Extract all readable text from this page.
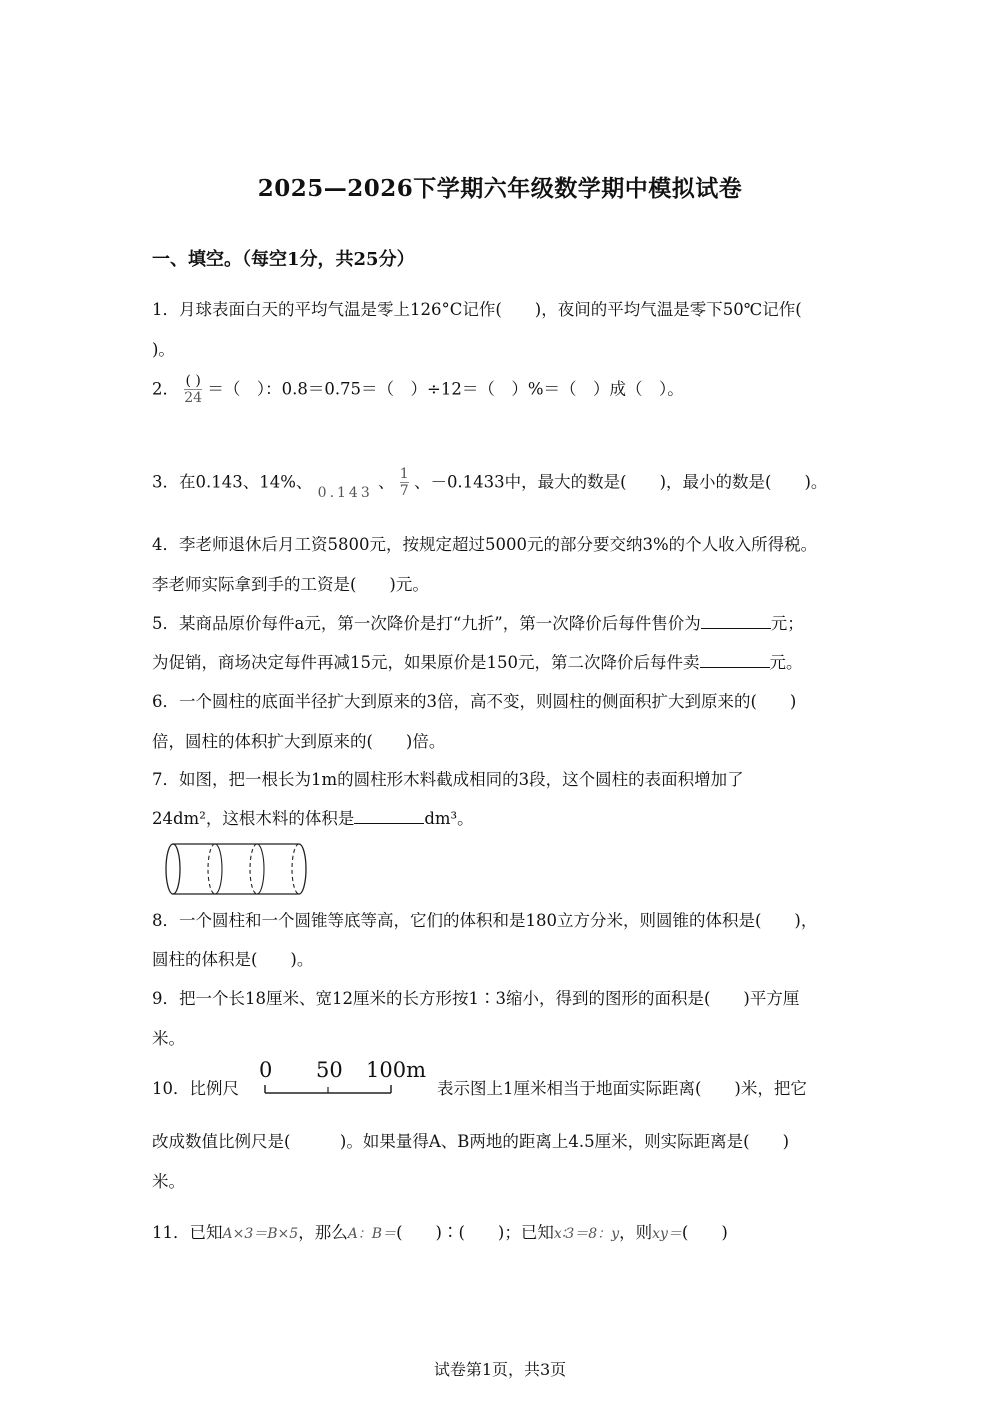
2025—2026下学期六年级数学期中模拟试卷
一、填空。（每空1分，共25分）
1．月球表面白天的平均气温是零上126°C记作(　　)，夜间的平均气温是零下50℃记作(
)。
2． $\frac{( )}{24}$ ＝（　）：0.8＝0.75＝（　）÷12＝（　）%＝（　）成（　）。
3．在0.143、14%、 $_{0.143}$ 、 $\frac{1}{7}$ 、－0.1433中，最大的数是(　　)，最小的数是(　　)。
4．李老师退休后月工资5800元，按规定超过5000元的部分要交纳3%的个人收入所得税。
李老师实际拿到手的工资是(　　)元。
5．某商品原价每件a元，第一次降价是打“九折”，第一次降价后每件售价为	元；
为促销，商场决定每件再减15元，如果原价是150元，第二次降价后每件卖	元。
6．一个圆柱的底面半径扩大到原来的3倍，高不变，则圆柱的侧面积扩大到原来的(　　)
倍，圆柱的体积扩大到原来的(　　)倍。
7．如图，把一根长为1m的圆柱形木料截成相同的3段，这个圆柱的表面积增加了
24dm²，这根木料的体积是	dm³。
8．一个圆柱和一个圆锥等底等高，它们的体积和是180立方分米，则圆锥的体积是(　　)，
圆柱的体积是(　　)。
9．把一个长18厘米、宽12厘米的长方形按1∶3缩小，得到的图形的面积是(　　)平方厘
米。
10．比例尺
0 50 100m
表示图上1厘米相当于地面实际距离(　　)米，把它
改成数值比例尺是(　　　)。如果量得A、B两地的距离上4.5厘米，则实际距离是(　　)
米。
11．已知A×3＝B×5，那么A：B＝(　　)∶(　　)；已知x∶3＝8：y，则xy＝(　　)
试卷第1页，共3页
